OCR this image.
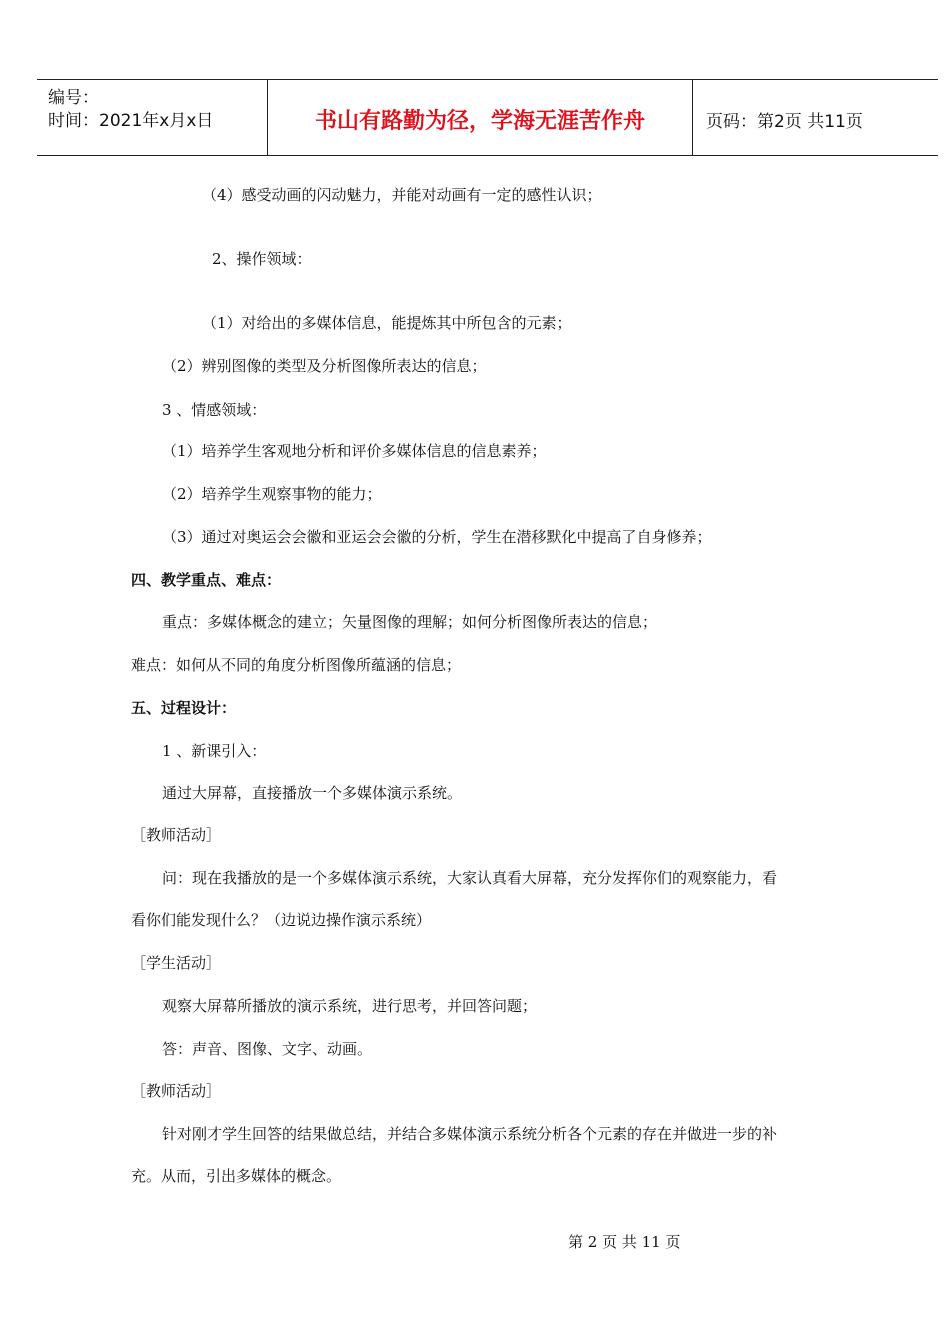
编号：
时间：2021年x月x日	书山有路勤为径，学海无涯苦作舟	页码：第2页 共11页
（4）感受动画的闪动魅力，并能对动画有一定的感性认识；
2、操作领域：
（1）对给出的多媒体信息，能提炼其中所包含的元素；
（2）辨别图像的类型及分析图像所表达的信息；
3 、情感领域：
（1）培养学生客观地分析和评价多媒体信息的信息素养；
（2）培养学生观察事物的能力；
（3）通过对奥运会会徽和亚运会会徽的分析，学生在潜移默化中提高了自身修养；
四、教学重点、难点：
重点：多媒体概念的建立；矢量图像的理解；如何分析图像所表达的信息；
难点：如何从不同的角度分析图像所蕴涵的信息；
五、过程设计：
1 、新课引入：
通过大屏幕，直接播放一个多媒体演示系统。
［教师活动］
问：现在我播放的是一个多媒体演示系统，大家认真看大屏幕，充分发挥你们的观察能力，看
看你们能发现什么？（边说边操作演示系统）
［学生活动］
观察大屏幕所播放的演示系统，进行思考，并回答问题；
答：声音、图像、文字、动画。
［教师活动］
针对刚才学生回答的结果做总结，并结合多媒体演示系统分析各个元素的存在并做进一步的补
充。从而，引出多媒体的概念。
第 2 页 共 11 页
